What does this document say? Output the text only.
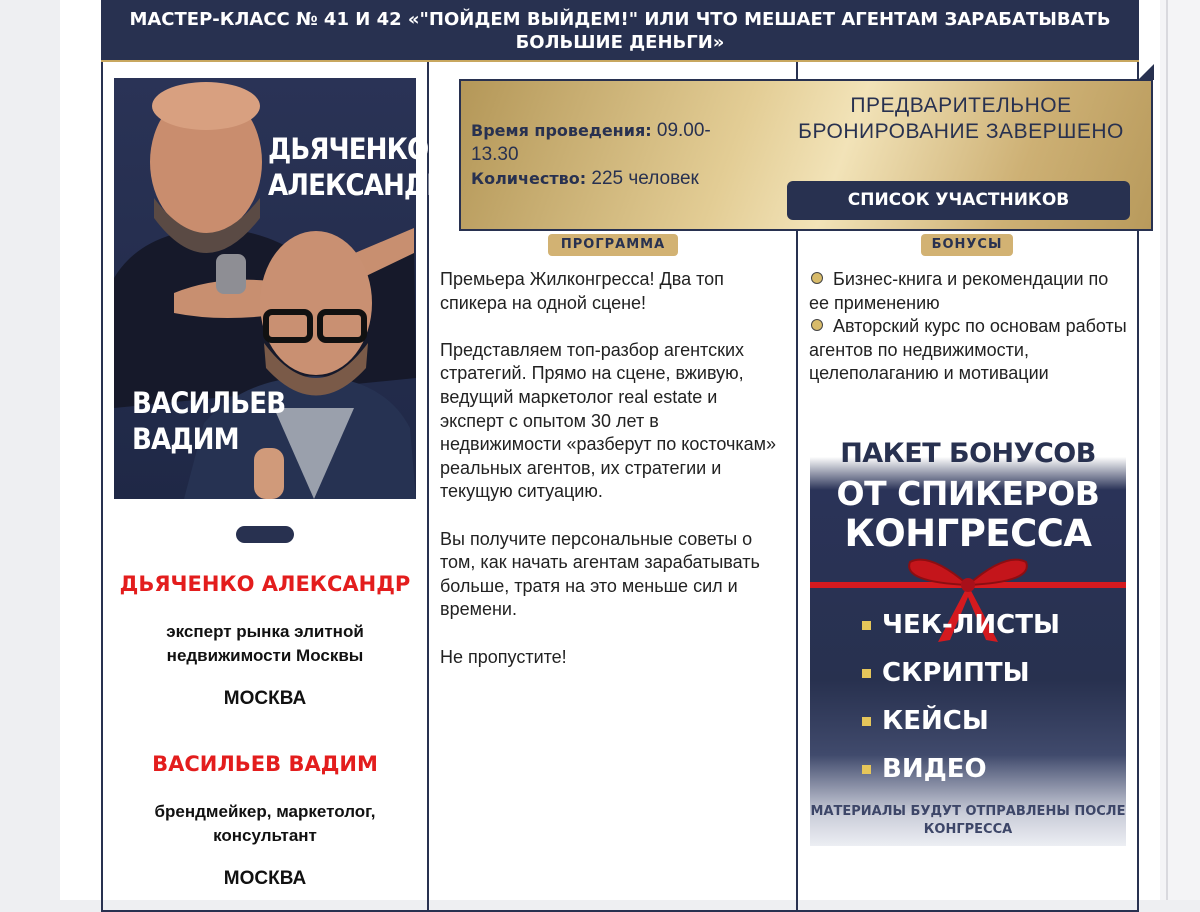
МАСТЕР-КЛАСС № 41 И 42 «"ПОЙДЕМ ВЫЙДЕМ!" ИЛИ ЧТО МЕШАЕТ АГЕНТАМ ЗАРАБАТЫВАТЬ БОЛЬШИЕ ДЕНЬГИ»
ДЬЯЧЕНКО
АЛЕКСАНДР
ВАСИЛЬЕВ
ВАДИМ
ДЬЯЧЕНКО АЛЕКСАНДР
эксперт рынка элитной недвижимости Москвы
МОСКВА
ВАСИЛЬЕВ ВАДИМ
брендмейкер, маркетолог, консультант
МОСКВА
Время проведения: 09.00-13.30
Количество: 225 человек
ПРЕДВАРИТЕЛЬНОЕ БРОНИРОВАНИЕ ЗАВЕРШЕНО
СПИСОК УЧАСТНИКОВ
ПРОГРАММА

Премьера Жилконгресса! Два топ спикера на одной сцене!

Представляем топ-разбор агентских стратегий. Прямо на сцене, вживую, ведущий маркетолог real estate и эксперт с опытом 30 лет в недвижимости «разберут по косточкам» реальных агентов, их стратегии и текущую ситуацию.

Вы получите персональные советы о том, как начать агентам зарабатывать больше, тратя на это меньше сил и времени.

Не пропустите!

БОНУСЫ
Бизнес-книга и рекомендации по ее применению
Авторский курс по основам работы агентов по недвижимости, целеполаганию и мотивации
ПАКЕТ БОНУСОВ
ОТ СПИКЕРОВ
КОНГРЕССА
ЧЕК-ЛИСТЫ
СКРИПТЫ
КЕЙСЫ
ВИДЕО
МАТЕРИАЛЫ БУДУТ ОТПРАВЛЕНЫ ПОСЛЕ КОНГРЕССА
